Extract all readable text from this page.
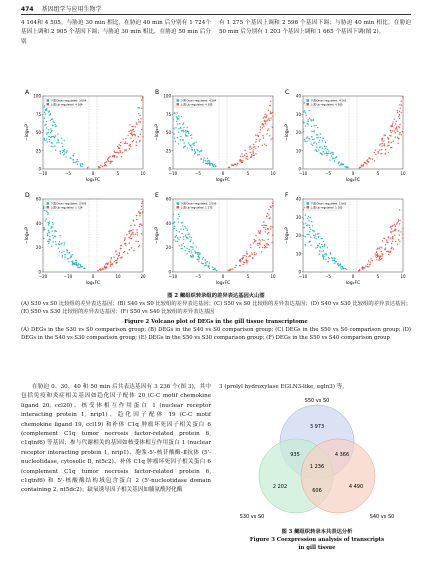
474 基因组学与应用生物学

4 164和 4 505。与胁迫 30 min 相比，在胁迫 40 min 后分别有 1 724个基因上调和 2 905 个基因下调；与胁迫 30 min 相比，在胁迫 50 min 后分别

有 1 275 个基因上调和 2 596 个基因下调；与胁迫 40 min 相比，在胁迫 50 min 后分别有 1 203 个基因上调和 1 665 个基因下调(图 2)。

A 100
75
50
25
0
−10	−5	0	5	10
log₂FC
−log₁₀P
下调 Down-regulated: 3 604
上调 Up-regulated: 4 164
B 100
75
50
25
0
−10	−5	0	5	10
log₂FC
−log₁₀P
下调 Down-regulated: 4 164
上调 Up-regulated: 4 505
C 40
30
20
10
0
−10	−5	0	5	10
log₂FC
−log₁₀P
下调 Down-regulated: 4 165
上调 Up-regulated: 4 505
D 60
40
20
0
−20	−10	0	10	20
log₂FC
−log₁₀P
下调 Down-regulated: 2 905
上调 Up-regulated: 1 724
E 60
40
20
0
−10	−5	0	5	10
log₂FC
−log₁₀P
下调 Down-regulated: 2 596
上调 Up-regulated: 1 275
F 40
30
20
10
0
−10	−5	0	5	10
log₂FC
−log₁₀P
下调 Down-regulated: 1 665
上调 Up-regulated: 1 203
图 2 鳃组织转录组的差异表达基因火山图
(A) S30 vs S0 比较组的差异表达基因；(B) S40 vs S0 比较组的差异表达基因；(C) S50 vs S0 比较组的差异表达基因；(D) S40 vs S30 比较组的差异表达基因；(E) S50 vs S30 比较组的差异表达基因；(F) S50 vs S40 比较组的差异表达基因
Figure 2 Volcano plot of DEGs in the gill tissue transcriptome
(A) DEGs in the S30 vs S0 comparison group; (B) DEGs in the S40 vs S0 comparison group; (C) DEGs in the S50 vs S0 comparison group; (D) DEGs in the S40 vs S30 comparison group; (E) DEGs in the S50 vs S30 comparison group; (F) DEGs in the S50 vs S40 comparison group

在胁迫 0、30、40 和 50 min 后共表达基因有 3 236 个(图 3)，其中包括免疫和炎症相关基因如趋化因子配体 20 (C-C motif chemokine ligand 20, ccl20)、核受体相互作用蛋白 1 (nuclear receptor interacting protein 1, nrip1)、趋化因子配体 19 (C-C motif chemokine ligand 19, ccl19) 和补体 C1q 肿瘤坏死因子相关蛋白 6 (complement C1q tumor necrosis factor-related protein 6, c1qtnf6) 等基因；参与代谢相关的基因如核受体相互作用蛋白 1 (nuclear receptor interacting protein 1, nrip1)、胞浆-5'-核苷酸酶-Ⅱ抗体 (5'-nucleotidase, cytosolic Ⅱ, nt5c2)、补体 C1q 肿瘤坏死因子相关蛋白 6 (complement C1q tumor necrosis factor-related protein 6, c1qtnf6) 和 5'-核酸酶结构域包含蛋白 2 (5'-nucleotidase domain containing 2, nt5dc2)；缺氧诱导因子相关基因如脯氨酰羟化酶

3 (prolyl hydroxylase EGLN3-like, egln3) 等。

S50 vs S0
S30 vs S0	S40 vs S0
3 973
935	4 366
1 236
2 202
606
4 490
图 3 鳃组织转录本共表达分析
Figure 3 Coexpression analysis of transcripts
in gill tissue
